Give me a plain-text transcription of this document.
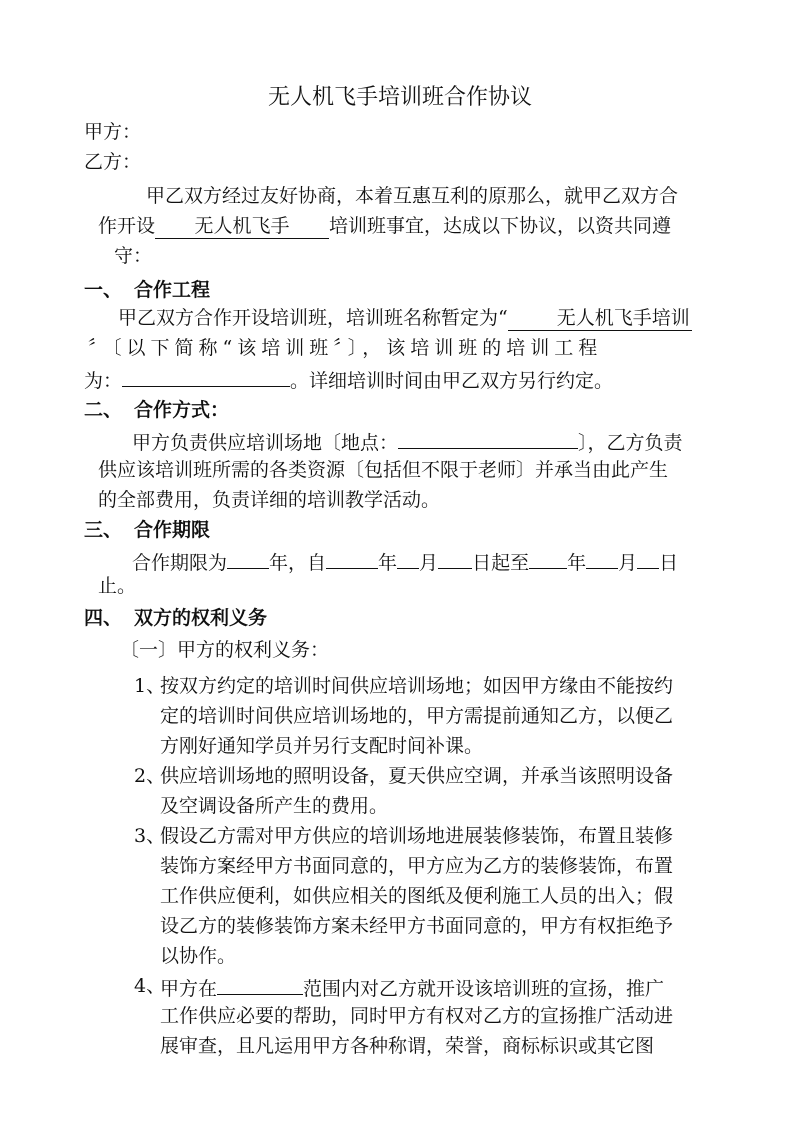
无人机飞手培训班合作协议
甲方：
乙方：
甲乙双方经过友好协商，本着互惠互利的原那么，就甲乙双方合
作开设 无人机飞手 培训班事宜，达成以下协议，以资共同遵
守：
一、 合作工程
甲乙双方合作开设培训班，培训班名称暂定为“	无人机飞手培训
〞〔以下简称“该培训班〞〕，该培训班的培训工程
为：	。详细培训时间由甲乙双方另行约定。
二、 合作方式：
甲方负责供应培训场地〔地点：	〕，乙方负责
供应该培训班所需的各类资源〔包括但不限于老师〕并承当由此产生
的全部费用，负责详细的培训教学活动。
三、 合作期限
合作期限为 年，自	年 月 日起至 年 月 日
止。
四、 双方的权利义务
〔一〕甲方的权利义务：
1、
按双方约定的培训时间供应培训场地；如因甲方缘由不能按约
定的培训时间供应培训场地的，甲方需提前通知乙方，以便乙
方刚好通知学员并另行支配时间补课。
2、
供应培训场地的照明设备，夏天供应空调，并承当该照明设备
及空调设备所产生的费用。
3、
假设乙方需对甲方供应的培训场地进展装修装饰，布置且装修
装饰方案经甲方书面同意的，甲方应为乙方的装修装饰，布置
工作供应便利，如供应相关的图纸及便利施工人员的出入；假
设乙方的装修装饰方案未经甲方书面同意的，甲方有权拒绝予
以协作。
4、
甲方在	范围内对乙方就开设该培训班的宣扬，推广
工作供应必要的帮助，同时甲方有权对乙方的宣扬推广活动进
展审查，且凡运用甲方各种称谓，荣誉，商标标识或其它图
